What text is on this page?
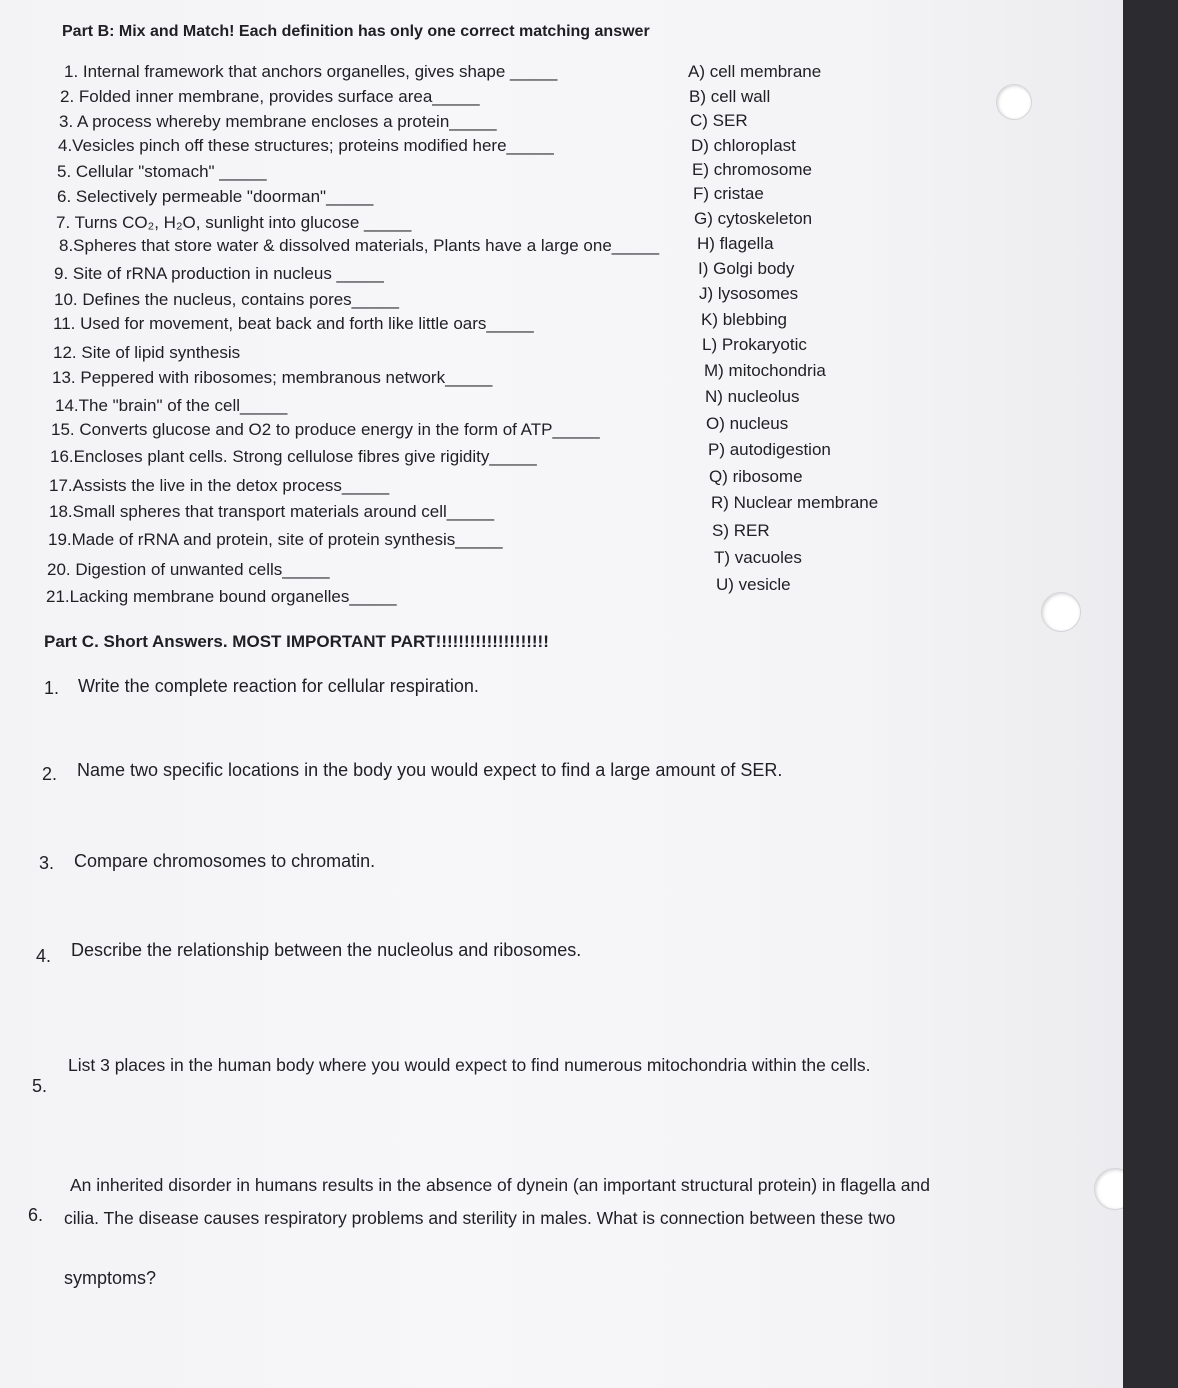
Part B: Mix and Match! Each definition has only one correct matching answer
1. Internal framework that anchors organelles, gives shape _____
2. Folded inner membrane, provides surface area_____
3. A process whereby membrane encloses a protein_____
4.Vesicles pinch off these structures; proteins modified here_____
5. Cellular "stomach" _____
6. Selectively permeable "doorman"_____
7. Turns CO₂, H₂O, sunlight into glucose _____
8.Spheres that store water & dissolved materials, Plants have a large one_____
9. Site of rRNA production in nucleus _____
10. Defines the nucleus, contains pores_____
11. Used for movement, beat back and forth like little oars_____
12. Site of lipid synthesis
13. Peppered with ribosomes; membranous network_____
14.The "brain" of the cell_____
15. Converts glucose and O2 to produce energy in the form of ATP_____
16.Encloses plant cells. Strong cellulose fibres give rigidity_____
17.Assists the live in the detox process_____
18.Small spheres that transport materials around cell_____
19.Made of rRNA and protein, site of protein synthesis_____
20. Digestion of unwanted cells_____
21.Lacking membrane bound organelles_____
A) cell membrane
B) cell wall
C) SER
D) chloroplast
E) chromosome
F) cristae
G) cytoskeleton
H) flagella
I) Golgi body
J) lysosomes
K) blebbing
L) Prokaryotic
M) mitochondria
N) nucleolus
O) nucleus
P) autodigestion
Q) ribosome
R) Nuclear membrane
S) RER
T) vacuoles
U) vesicle
Part C. Short Answers. MOST IMPORTANT PART!!!!!!!!!!!!!!!!!!!!
1. Write the complete reaction for cellular respiration.
2. Name two specific locations in the body you would expect to find a large amount of SER.
3. Compare chromosomes to chromatin.
4. Describe the relationship between the nucleolus and ribosomes.
5.
List 3 places in the human body where you would expect to find numerous mitochondria within the cells.
6.
An inherited disorder in humans results in the absence of dynein (an important structural protein) in flagella and
cilia. The disease causes respiratory problems and sterility in males. What is connection between these two
symptoms?
